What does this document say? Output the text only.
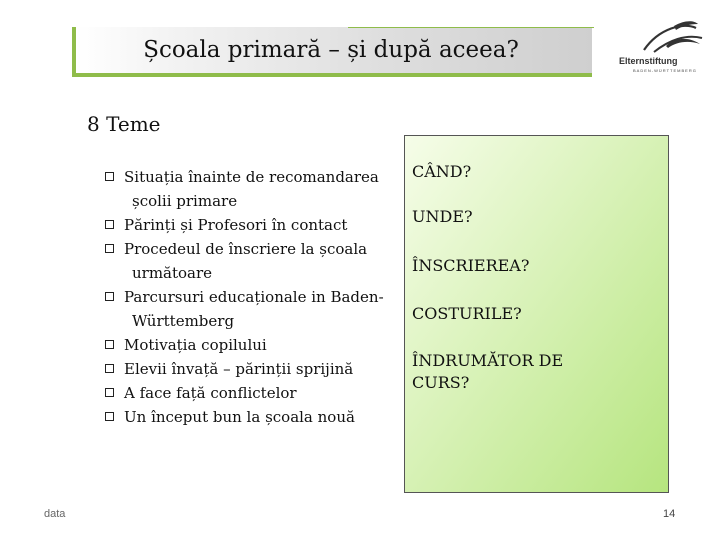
Școala primară – și după aceea?	Elternstiftung
BADEN-WÜRTTEMBERG
8 Teme
Situația înainte de recomandarea școlii primare
Părinți și Profesori în contact
Procedeul de înscriere la școala următoare
Parcursuri educaționale in Baden-Württemberg
Motivația copilului
Elevii învață – părinții sprijină
A face față conflictelor
Un început bun la școala nouă
CÂND?
UNDE?
ÎNSCRIEREA?
COSTURILE?
ÎNDRUMĂTOR DE CURS?
data	14
